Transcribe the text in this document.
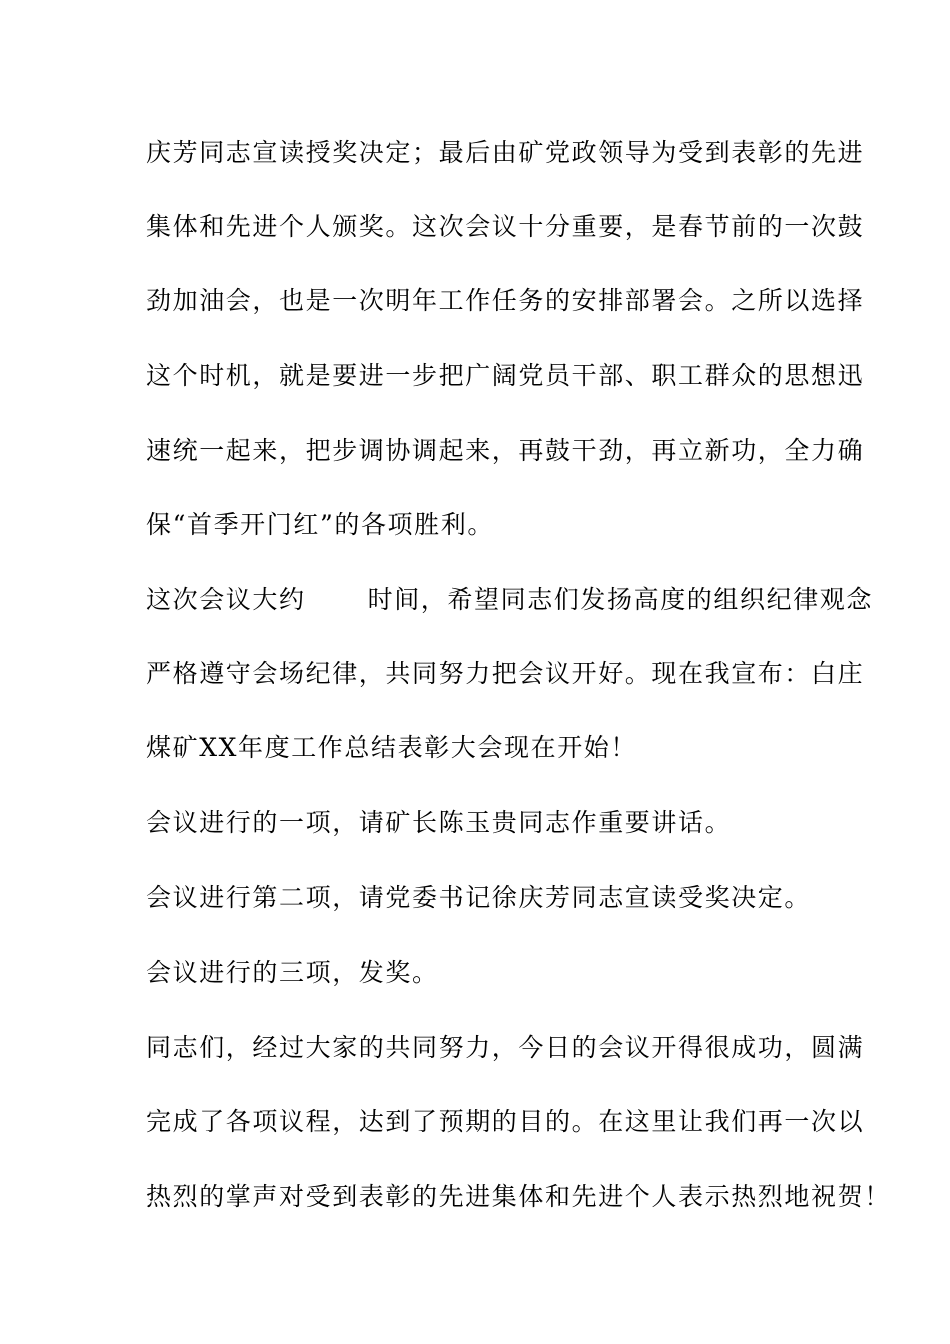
庆芳同志宣读授奖决定；最后由矿党政领导为受到表彰的先进
集体和先进个人颁奖。这次会议十分重要，是春节前的一次鼓
劲加油会，也是一次明年工作任务的安排部署会。之所以选择
这个时机，就是要进一步把广阔党员干部、职工群众的思想迅
速统一起来，把步调协调起来，再鼓干劲，再立新功，全力确
保“首季开门红”的各项胜利。
这次会议大约 时间，希望同志们发扬高度的组织纪律观念
严格遵守会场纪律，共同努力把会议开好。现在我宣布：白庄
煤矿XX年度工作总结表彰大会现在开始！
会议进行的一项，请矿长陈玉贵同志作重要讲话。
会议进行第二项，请党委书记徐庆芳同志宣读受奖决定。
会议进行的三项，发奖。
同志们，经过大家的共同努力，今日的会议开得很成功，圆满
完成了各项议程，达到了预期的目的。在这里让我们再一次以
热烈的掌声对受到表彰的先进集体和先进个人表示热烈地祝贺！
